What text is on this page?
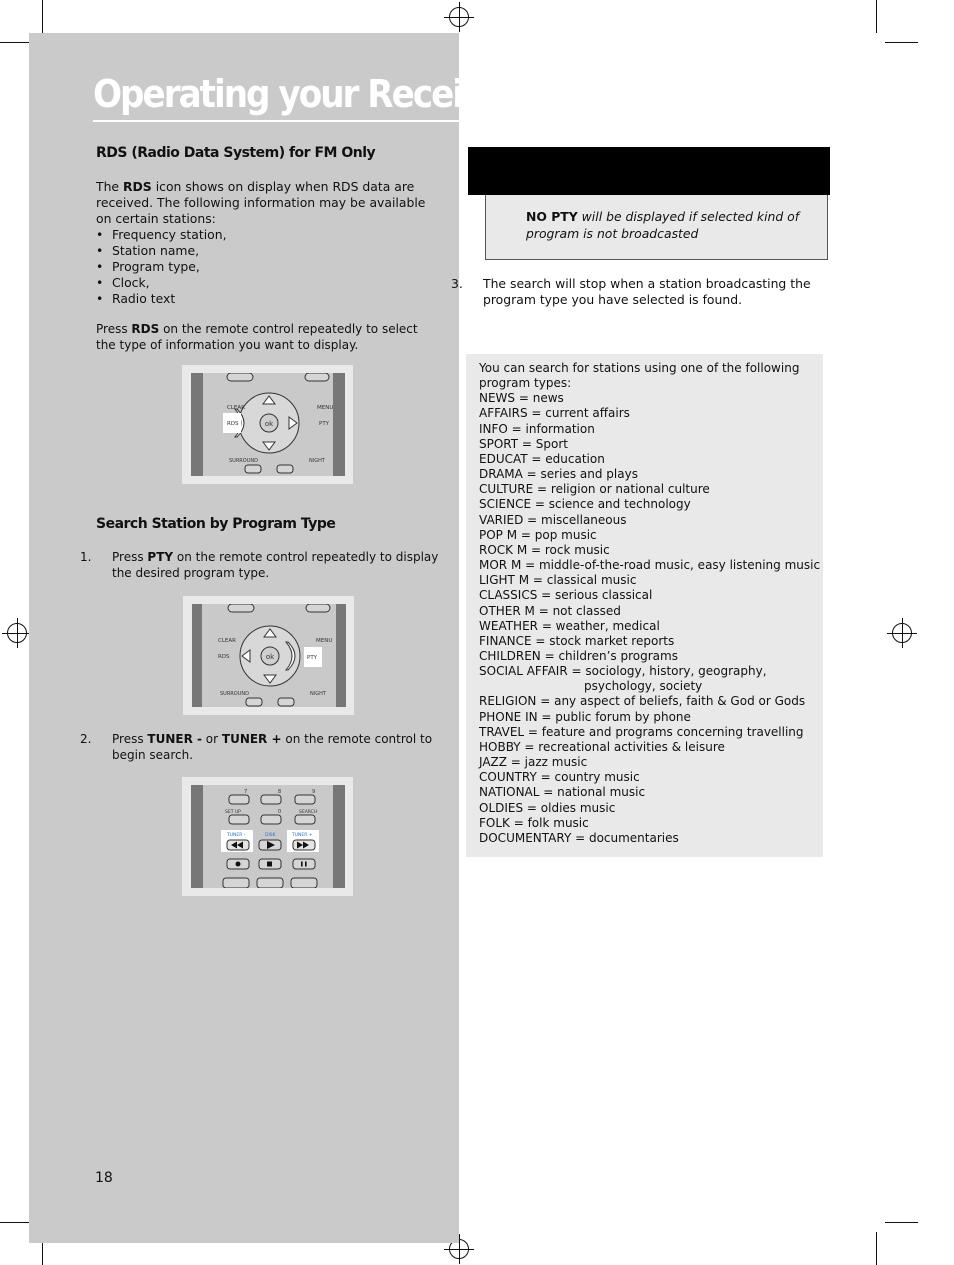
Operating your Receiver
RDS (Radio Data System) for FM Only

The RDS icon shows on display when RDS data are received. The following information may be available on certain stations:

• Frequency station,
• Station name,
• Program type,
• Clock,
• Radio text

Press RDS on the remote control repeatedly to select the type of information you want to display.

ok
CLEAR	MENU
RDS	PTY
SURROUND	NIGHT
Search Station by Program Type

1. Press PTY on the remote control repeatedly to display the desired program type.

ok
CLEAR	MENU
RDS	PTY
SURROUND	NIGHT

2. Press TUNER - or TUNER + on the remote control to begin search.

7	8	9
SET UP	0	SEARCH
TUNER -	DISK	TUNER +
NO PTY will be displayed if selected kind of program is not broadcasted

3. The search will stop when a station broadcasting the program type you have selected is found.

You can search for stations using one of the following program types:
NEWS = news
AFFAIRS = current affairs
INFO = information
SPORT = Sport
EDUCAT = education
DRAMA = series and plays
CULTURE = religion or national culture
SCIENCE = science and technology
VARIED = miscellaneous
POP M = pop music
ROCK M = rock music
MOR M = middle-of-the-road music, easy listening music
LIGHT M = classical music
CLASSICS = serious classical
OTHER M = not classed
WEATHER = weather, medical
FINANCE = stock market reports
CHILDREN = children’s programs
SOCIAL AFFAIR = sociology, history, geography,
psychology, society
RELIGION = any aspect of beliefs, faith & God or Gods
PHONE IN = public forum by phone
TRAVEL = feature and programs concerning travelling
HOBBY = recreational activities & leisure
JAZZ = jazz music
COUNTRY = country music
NATIONAL = national music
OLDIES = oldies music
FOLK = folk music
DOCUMENTARY = documentaries
18
